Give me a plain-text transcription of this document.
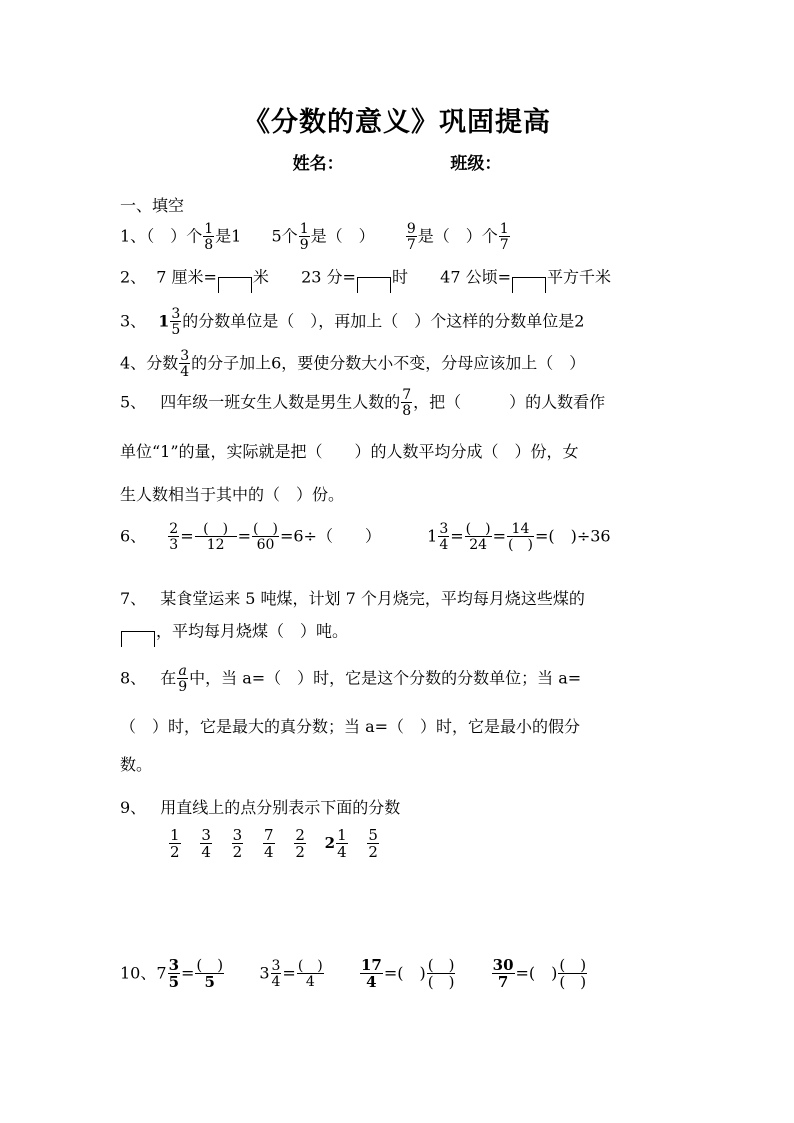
《分数的意义》巩固提高
姓名：	班级：
一、填空
1、（　）个 $\frac{1}{8}$ 是1 5个 $\frac{1}{9}$ 是（　） $\frac{9}{7}$ 是（　）个 $\frac{1}{7}$
2、 7 厘米=

米 23 分=

时 47 公顷=

平方千米
3、 $1 \frac{3}{5}$ 的分数单位是（　），再加上（　）个这样的分数单位是2
4、分数 $\frac{3}{4}$ 的分子加上6，要使分数大小不变，分母应该加上（　）
5、 四年级一班女生人数是男生人数的 $\frac{7}{8}$ ，把（　　　）的人数看作
单位“1”的量，实际就是把（　　）的人数平均分成（　）份，女
生人数相当于其中的（　）份。
6、 $\frac{2}{3} = \frac{( )}{12} = \frac{( )}{60} =6\div$（　　）	$1 \frac{3}{4} = \frac{( )}{24} = \frac{14}{( )}$ =(　)÷36
7、 某食堂运来 5 吨煤，计划 7 个月烧完，平均每月烧这些煤的

，平均每月烧煤（　）吨。
8、 在 $\frac{a}{9}$ 中，当 a=（　）时，它是这个分数的分数单位；当 a=
（　）时，它是最大的真分数；当 a=（　）时，它是最小的假分
数。
9、 用直线上的点分别表示下面的分数
$\frac{1}{2}$
$\frac{3}{4}$
$\frac{3}{2}$
$\frac{7}{4}$
$\frac{2}{2} 2 \frac{1}{4}$
$\frac{5}{2}$
10、$7 \frac{3}{5} = \frac{( )}{5} 3 \frac{3}{4} = \frac{( )}{4}$
$\frac{17}{4}$ =(　) $\frac{( )}{( )}$
$\frac{30}{7}$ =(　) $\frac{( )}{( )}$
